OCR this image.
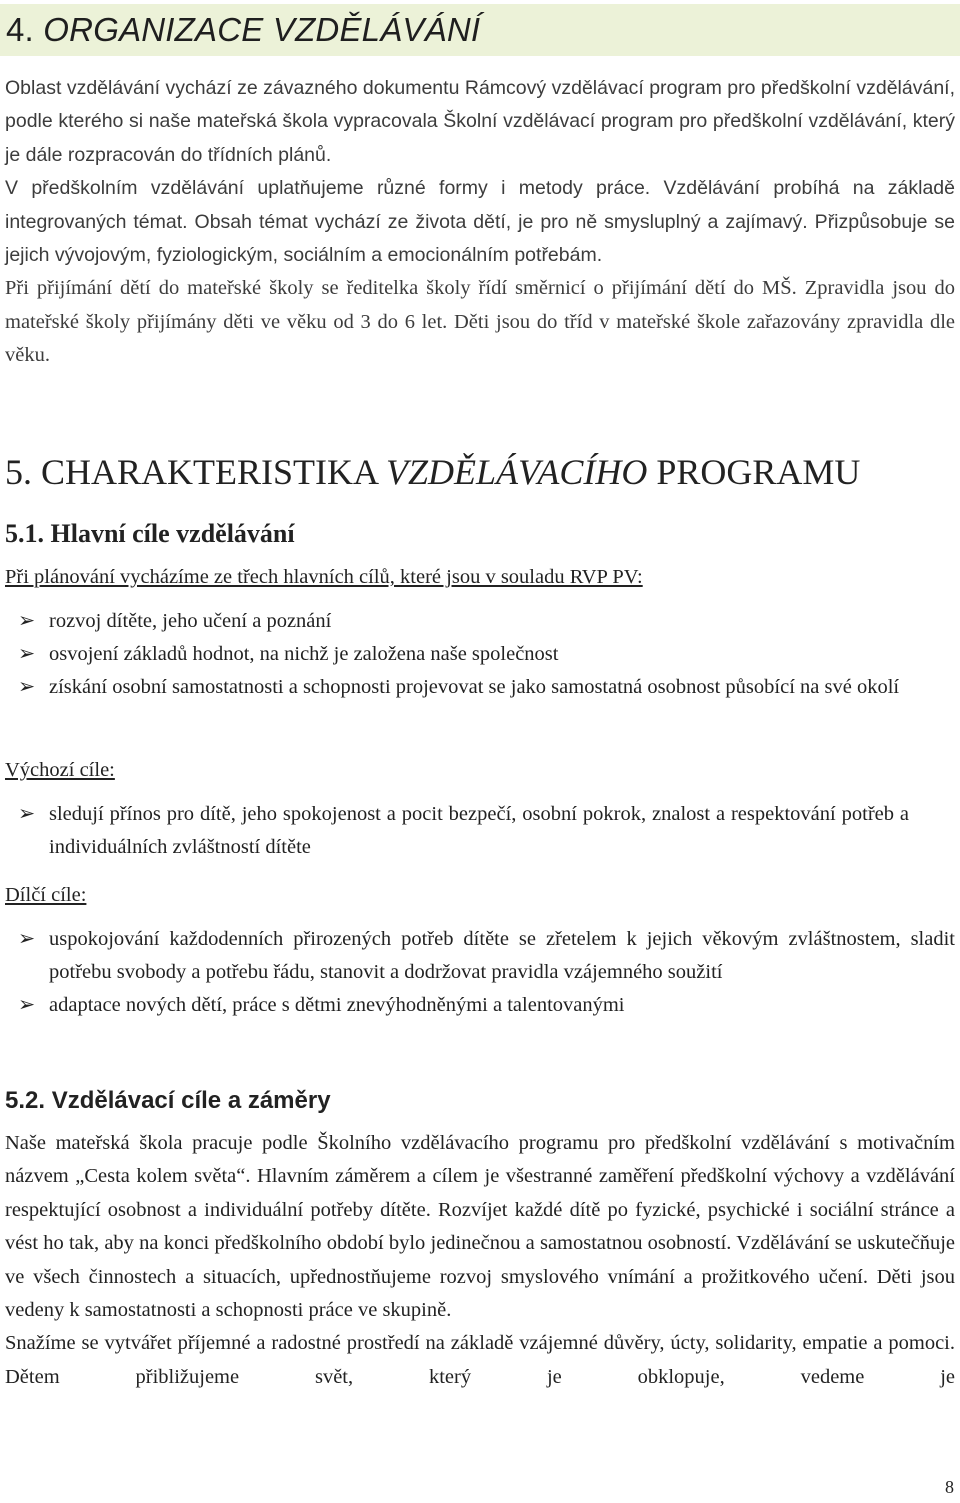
4. ORGANIZACE VZDĚLÁVÁNÍ

Oblast vzdělávání vychází ze závazného dokumentu Rámcový vzdělávací program pro předškolní vzdělávání, podle kterého si naše mateřská škola vypracovala Školní vzdělávací program pro předškolní vzdělávání, který je dále rozpracován do třídních plánů.

V předškolním vzdělávání uplatňujeme různé formy i metody práce. Vzdělávání probíhá na základě integrovaných témat. Obsah témat vychází ze života dětí, je pro ně smysluplný a zajímavý. Přizpůsobuje se jejich vývojovým, fyziologickým, sociálním a emocionálním potřebám.

Při přijímání dětí do mateřské školy se ředitelka školy řídí směrnicí o přijímání dětí do MŠ. Zpravidla jsou do mateřské školy přijímány děti ve věku od 3 do 6 let. Děti jsou do tříd v mateřské škole zařazovány zpravidla dle věku.

5. CHARAKTERISTIKA VZDĚLÁVACÍHO PROGRAMU
5.1. Hlavní cíle vzdělávání
Při plánování vycházíme ze třech hlavních cílů, které jsou v souladu RVP PV:
➢ rozvoj dítěte, jeho učení a poznání
➢ osvojení základů hodnot, na nichž je založena naše společnost
➢ získání osobní samostatnosti a schopnosti projevovat se jako samostatná osobnost působící na své okolí
Výchozí cíle:
➢ sledují přínos pro dítě, jeho spokojenost a pocit bezpečí, osobní pokrok, znalost a respektování potřeb a individuálních zvláštností dítěte
Dílčí cíle:
➢ uspokojování každodenních přirozených potřeb dítěte se zřetelem k jejich věkovým zvláštnostem, sladit potřebu svobody a potřebu řádu, stanovit a dodržovat pravidla vzájemného soužití
➢ adaptace nových dětí, práce s dětmi znevýhodněnými a talentovanými
5.2. Vzdělávací cíle a záměry

Naše mateřská škola pracuje podle Školního vzdělávacího programu pro předškolní vzdělávání s motivačním názvem „Cesta kolem světa“. Hlavním záměrem a cílem je všestranné zaměření předškolní výchovy a vzdělávání respektující osobnost a individuální potřeby dítěte. Rozvíjet každé dítě po fyzické, psychické i sociální stránce a vést ho tak, aby na konci předškolního období bylo jedinečnou a samostatnou osobností. Vzdělávání se uskutečňuje ve všech činnostech a situacích, upřednostňujeme rozvoj smyslového vnímání a prožitkového učení. Děti jsou vedeny k samostatnosti a schopnosti práce ve skupině.

Snažíme se vytvářet příjemné a radostné prostředí na základě vzájemné důvěry, úcty, solidarity, empatie a pomoci. Dětem přibližujeme svět, který je obklopuje, vedeme je

8
